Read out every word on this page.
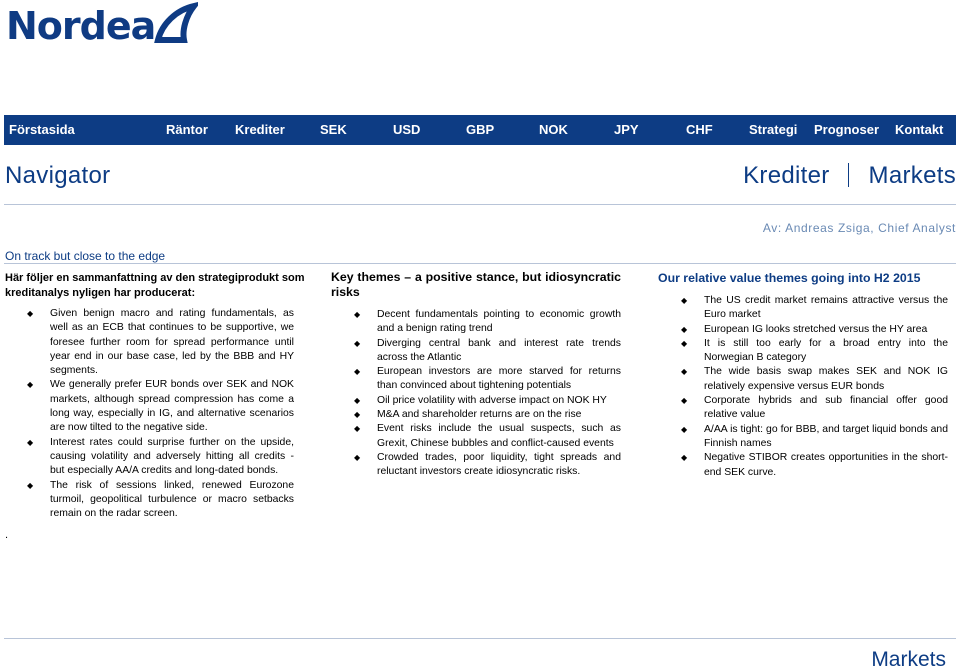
Nordea
Förstasida	Räntor Krediter	SEK	USD	GBP	NOK	JPY	CHF	Strategi Prognoser Kontakt
Navigator	Krediter Markets
Av: Andreas Zsiga, Chief Analyst
On track but close to the edge
Här följer en sammanfattning av den strategiprodukt som kreditanalys nyligen har producerat:
◆ Given benign macro and rating fundamentals, as well as an ECB that continues to be supportive, we foresee further room for spread performance until year end in our base case, led by the BBB and HY segments.
◆ We generally prefer EUR bonds over SEK and NOK markets, although spread compression has come a long way, especially in IG, and alternative scenarios are now tilted to the negative side.
◆ Interest rates could surprise further on the upside, causing volatility and adversely hitting all credits - but especially AA/A credits and long-dated bonds.
◆ The risk of sessions linked, renewed Eurozone turmoil, geopolitical turbulence or macro setbacks remain on the radar screen.
Key themes – a positive stance, but idiosyncratic risks
◆ Decent fundamentals pointing to economic growth and a benign rating trend
◆ Diverging central bank and interest rate trends across the Atlantic
◆ European investors are more starved for returns than convinced about tightening potentials
◆ Oil price volatility with adverse impact on NOK HY
◆ M&A and shareholder returns are on the rise
◆ Event risks include the usual suspects, such as Grexit, Chinese bubbles and conflict-caused events
◆ Crowded trades, poor liquidity, tight spreads and reluctant investors create idiosyncratic risks.
Our relative value themes going into H2 2015
◆ The US credit market remains attractive versus the Euro market
◆ European IG looks stretched versus the HY area
◆ It is still too early for a broad entry into the Norwegian B category
◆ The wide basis swap makes SEK and NOK IG relatively expensive versus EUR bonds
◆ Corporate hybrids and sub financial offer good relative value
◆ A/AA is tight: go for BBB, and target liquid bonds and Finnish names
◆ Negative STIBOR creates opportunities in the short-end SEK curve.
.
Markets
